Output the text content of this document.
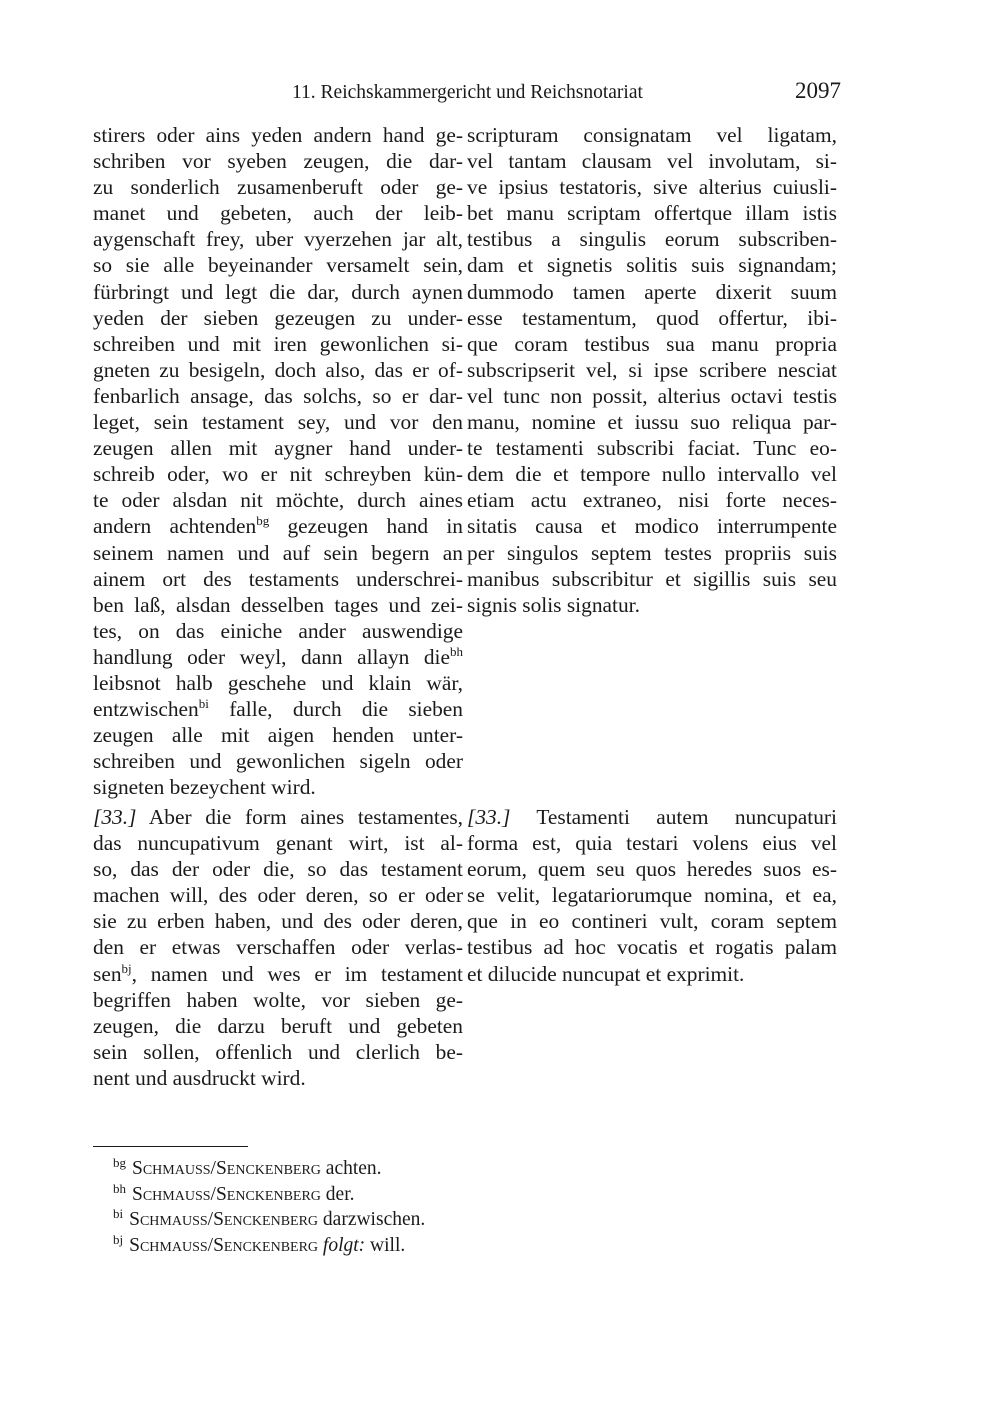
11. Reichskammergericht und Reichsnotariat	2097
stirers oder ains yeden andern hand ge-
schriben vor syeben zeugen, die dar-
zu sonderlich zusamenberuft oder ge-
manet und gebeten, auch der leib-
aygenschaft frey, uber vyerzehen jar alt,
so sie alle beyeinander versamelt sein,
fürbringt und legt die dar, durch aynen
yeden der sieben gezeugen zu under-
schreiben und mit iren gewonlichen si-
gneten zu besigeln, doch also, das er of-
fenbarlich ansage, das solchs, so er dar-
leget, sein testament sey, und vor den
zeugen allen mit aygner hand under-
schreib oder, wo er nit schreyben kün-
te oder alsdan nit möchte, durch aines
andern achtenden$^{bg}$ gezeugen hand in
seinem namen und auf sein begern an
ainem ort des testaments underschrei-
ben laß, alsdan desselben tages und zei-
tes, on das einiche ander auswendige
handlung oder weyl, dann allayn die$^{bh}$
leibsnot halb geschehe und klain wär,
entzwischen$^{bi}$ falle, durch die sieben
zeugen alle mit aigen henden unter-
schreiben und gewonlichen sigeln oder
signeten bezeychent wird.
[33.] Aber die form aines testamentes,
das nuncupativum genant wirt, ist al-
so, das der oder die, so das testament
machen will, des oder deren, so er oder
sie zu erben haben, und des oder deren,
den er etwas verschaffen oder verlas-
sen$^{bj}$, namen und wes er im testament
begriffen haben wolte, vor sieben ge-
zeugen, die darzu beruft und gebeten
sein sollen, offenlich und clerlich be-
nent und ausdruckt wird.
scripturam consignatam vel ligatam,
vel tantam clausam vel involutam, si-
ve ipsius testatoris, sive alterius cuiusli-
bet manu scriptam offertque illam istis
testibus a singulis eorum subscriben-
dam et signetis solitis suis signandam;
dummodo tamen aperte dixerit suum
esse testamentum, quod offertur, ibi-
que coram testibus sua manu propria
subscripserit vel, si ipse scribere nesciat
vel tunc non possit, alterius octavi testis
manu, nomine et iussu suo reliqua par-
te testamenti subscribi faciat. Tunc eo-
dem die et tempore nullo intervallo vel
etiam actu extraneo, nisi forte neces-
sitatis causa et modico interrumpente
per singulos septem testes propriis suis
manibus subscribitur et sigillis suis seu
signis solis signatur.
[33.] Testamenti autem nuncupaturi
forma est, quia testari volens eius vel
eorum, quem seu quos heredes suos es-
se velit, legatariorumque nomina, et ea,
que in eo contineri vult, coram septem
testibus ad hoc vocatis et rogatis palam
et dilucide nuncupat et exprimit.
$^{bg}$ Schmauss/Senckenberg achten.
$^{bh}$ Schmauss/Senckenberg der.
$^{bi}$ Schmauss/Senckenberg darzwischen.
$^{bj}$ Schmauss/Senckenberg folgt: will.
